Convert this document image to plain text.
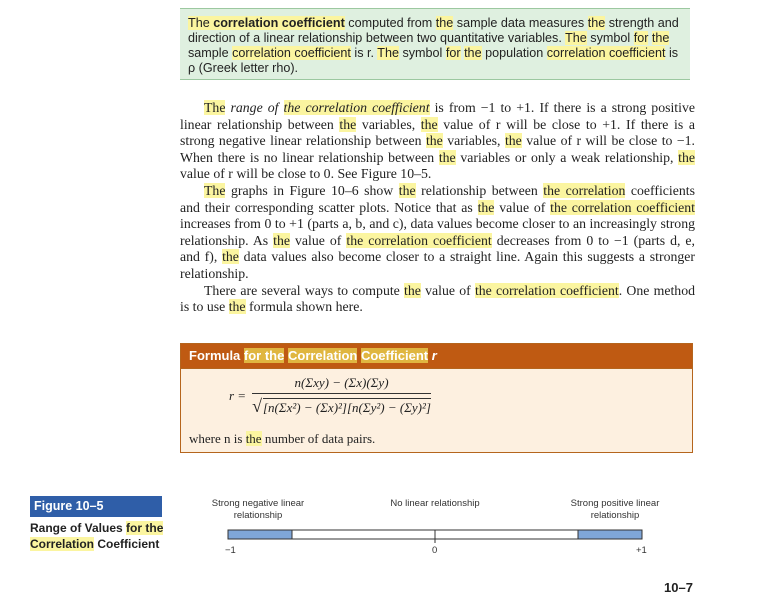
The correlation coefficient computed from the sample data measures the strength and direction of a linear relationship between two quantitative variables. The symbol for the sample correlation coefficient is r. The symbol for the population correlation coefficient is ρ (Greek letter rho).

The range of the correlation coefficient is from −1 to +1. If there is a strong positive linear relationship between the variables, the value of r will be close to +1. If there is a strong negative linear relationship between the variables, the value of r will be close to −1. When there is no linear relationship between the variables or only a weak relationship, the value of r will be close to 0. See Figure 10–5.

The graphs in Figure 10–6 show the relationship between the correlation coefficients and their corresponding scatter plots. Notice that as the value of the correlation coefficient increases from 0 to +1 (parts a, b, and c), data values become closer to an increasingly strong relationship. As the value of the correlation coefficient decreases from 0 to −1 (parts d, e, and f), the data values also become closer to a straight line. Again this suggests a stronger relationship.

There are several ways to compute the value of the correlation coefficient. One method is to use the formula shown here.

Formula for the Correlation Coefficient r
$r = \frac{\text{n(Σxy) − (Σx)(Σy)}}{\text{√ [n(Σx²) − (Σx)²][n(Σy²) − (Σy)²]}}$
where n is the number of data pairs.
Figure 10–5
Range of Values for the
Correlation Coefficient
Strong negative linear relationship
No linear relationship	Strong positive linear relationship
−1	0	+1
10–7
